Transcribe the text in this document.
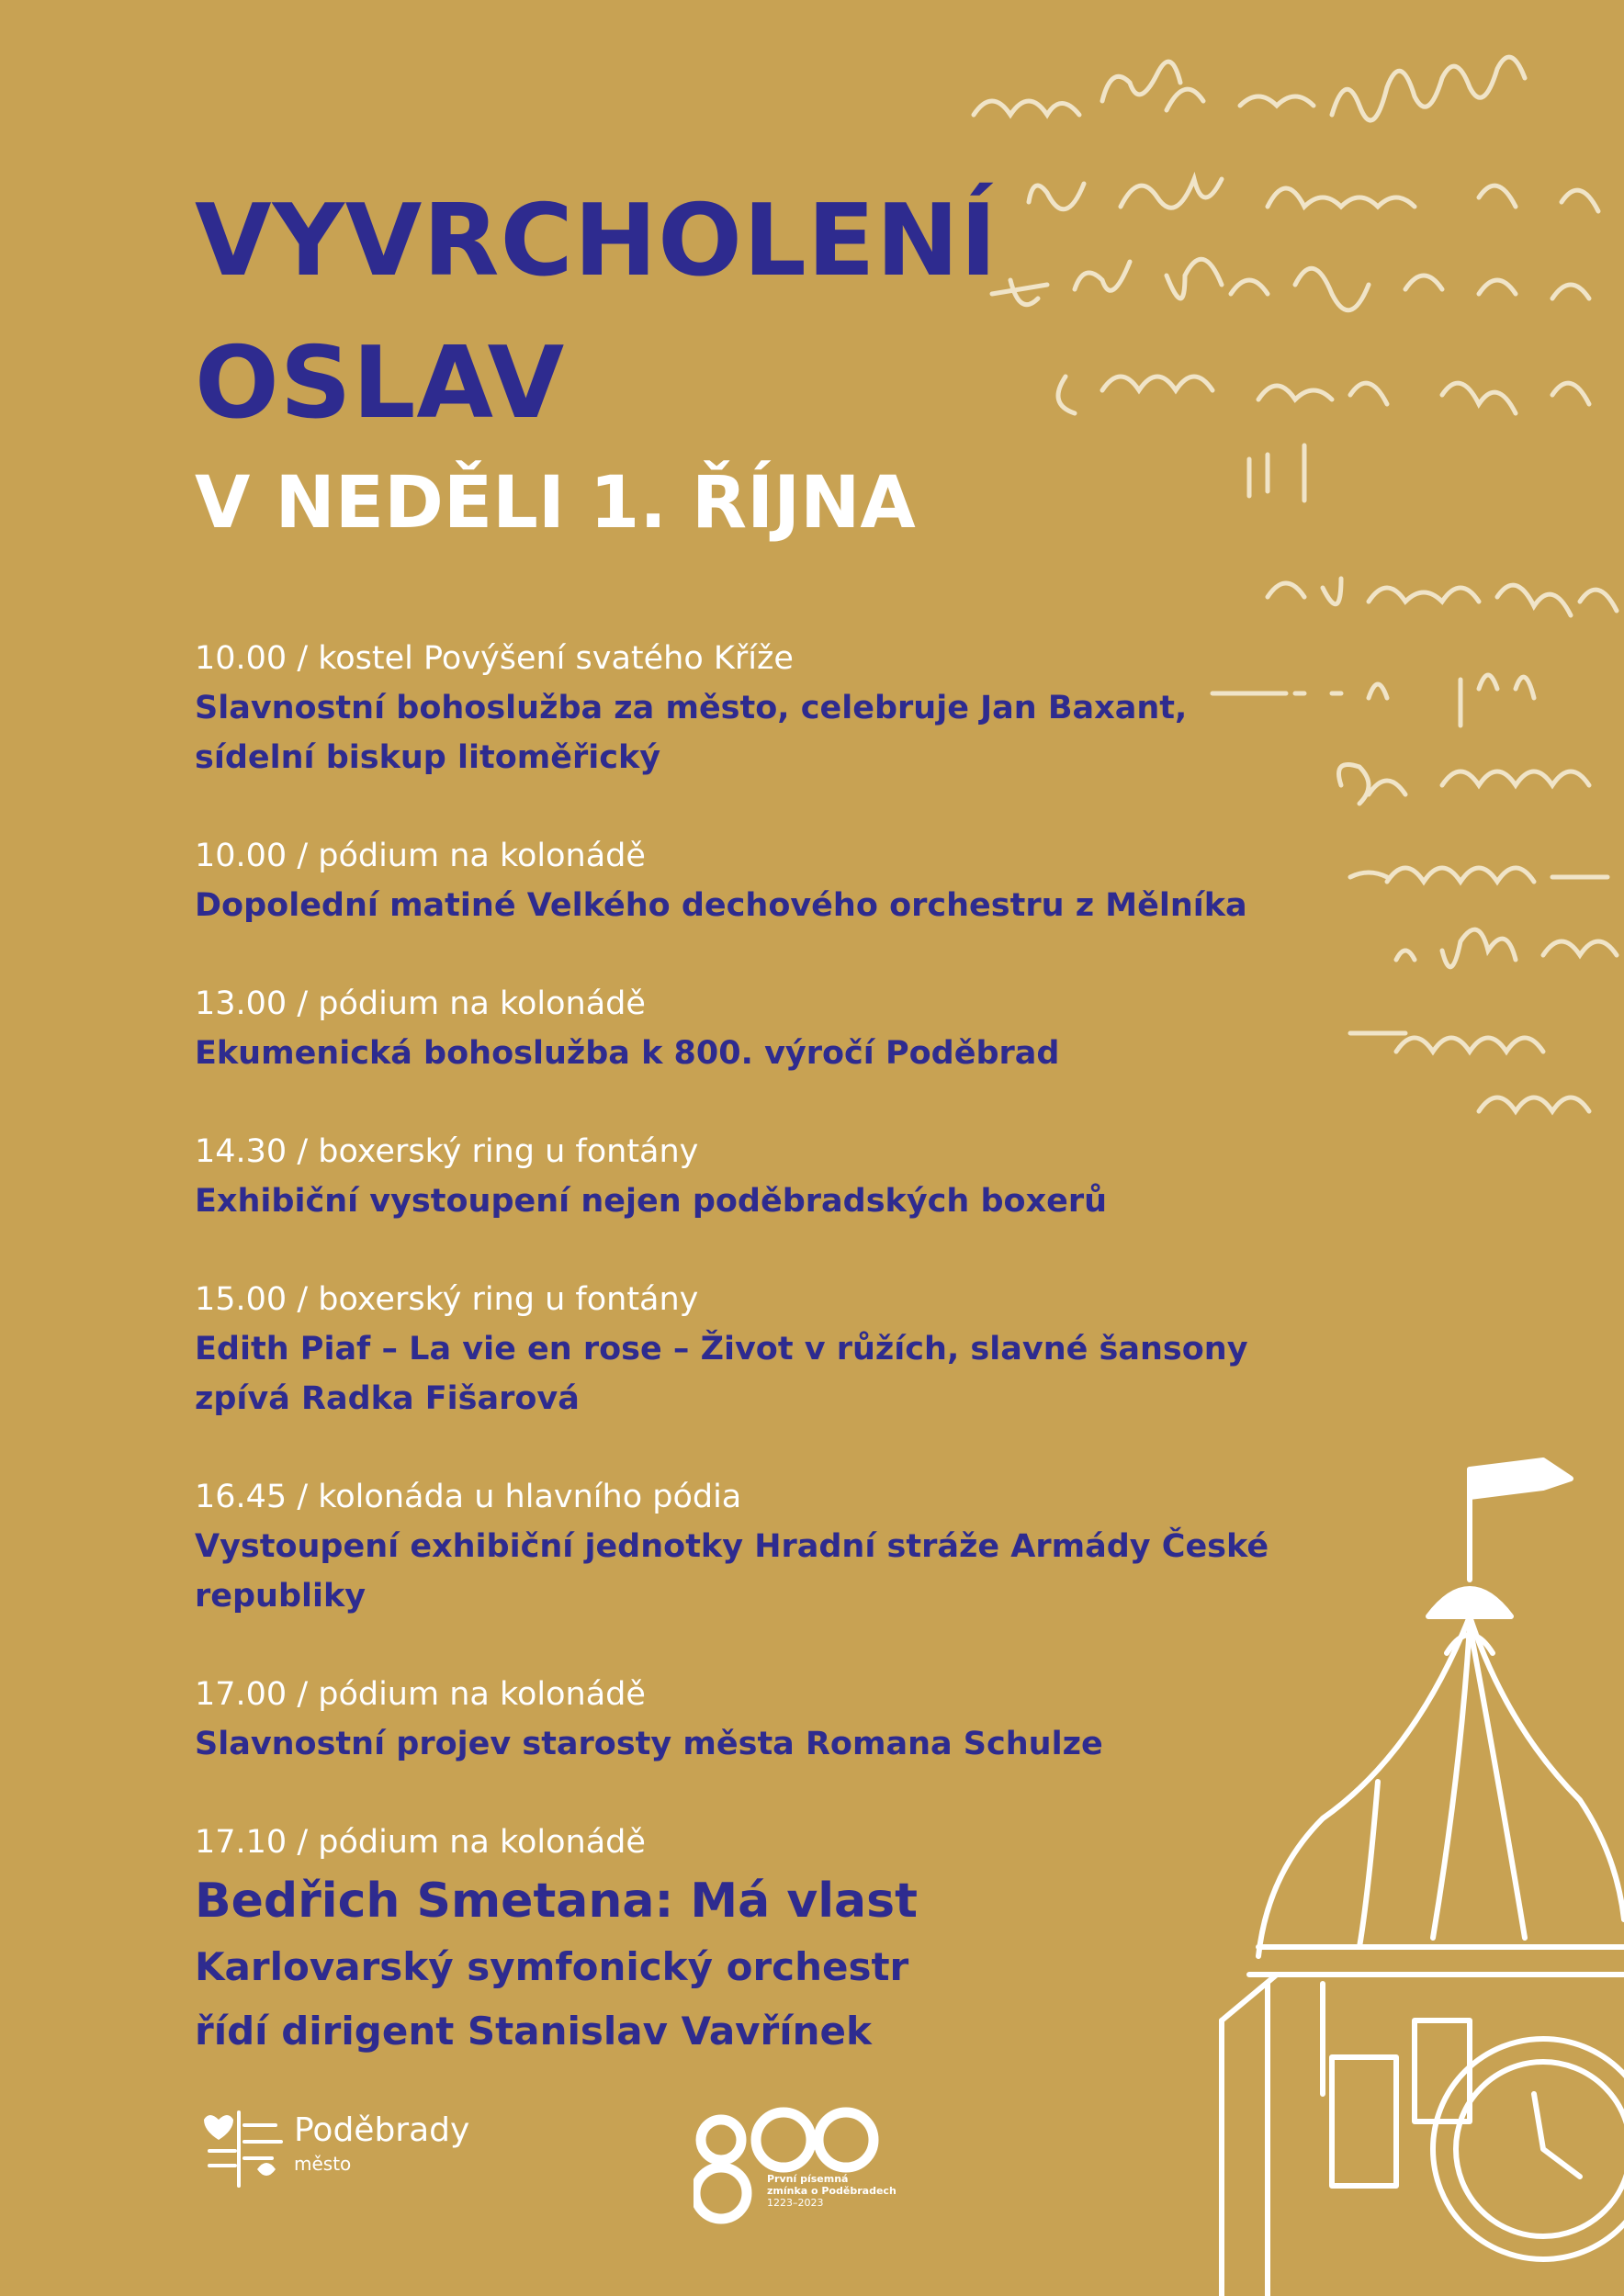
VYVRCHOLENÍ
OSLAV
V NEDĚLI 1. ŘÍJNA
10.00 / kostel Povýšení svatého Kříže
Slavnostní bohoslužba za město, celebruje Jan Baxant,
sídelní biskup litoměřický
10.00 / pódium na kolonádě
Dopolední matiné Velkého dechového orchestru z Mělníka
13.00 / pódium na kolonádě
Ekumenická bohoslužba k 800. výročí Poděbrad
14.30 / boxerský ring u fontány
Exhibiční vystoupení nejen poděbradských boxerů
15.00 / boxerský ring u fontány
Edith Piaf – La vie en rose – Život v růžích, slavné šansony
zpívá Radka Fišarová
16.45 / kolonáda u hlavního pódia
Vystoupení exhibiční jednotky Hradní stráže Armády České republiky
17.00 / pódium na kolonádě
Slavnostní projev starosty města Romana Schulze
17.10 / pódium na kolonádě
Bedřich Smetana: Má vlast
Karlovarský symfonický orchestr
řídí dirigent Stanislav Vavřínek
Poděbrady
město
První písemná
zmínka o Poděbradech
1223–2023
